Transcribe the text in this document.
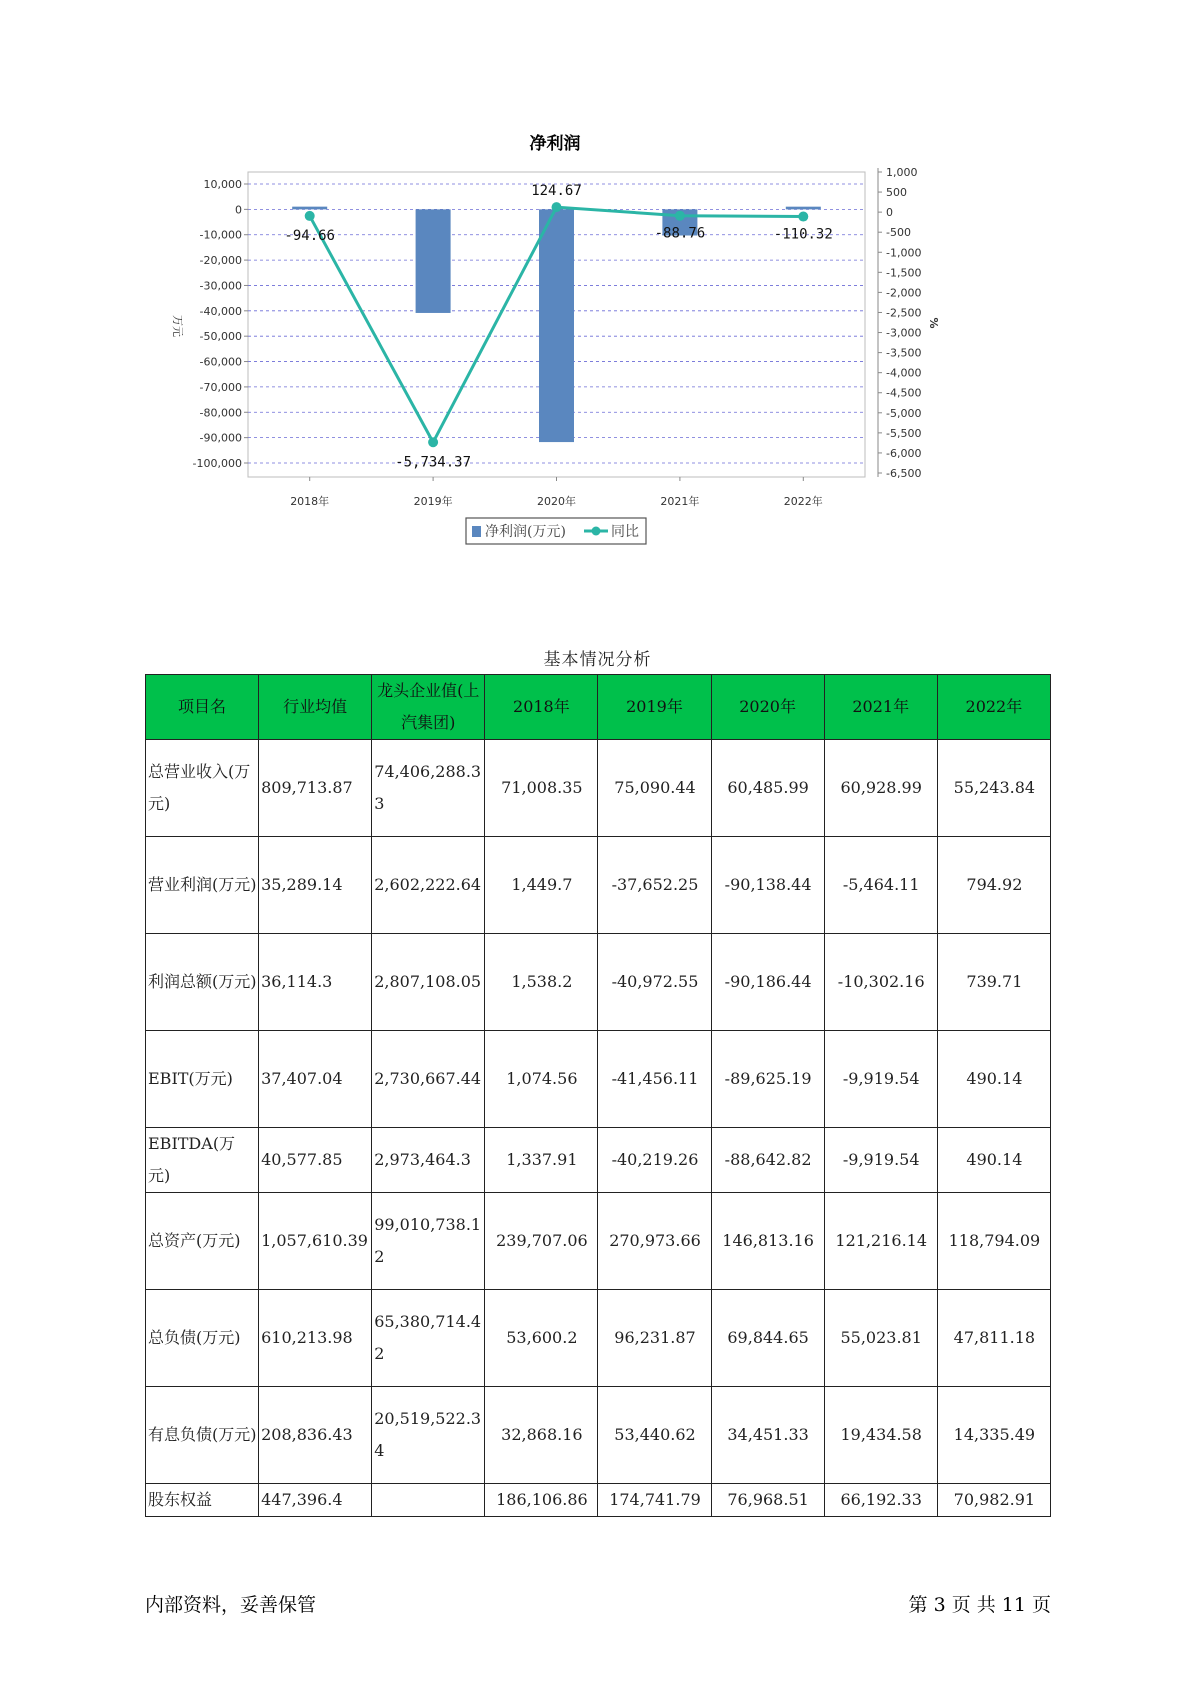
净利润
10,000
0
-10,000
-20,000
-30,000
-40,000
-50,000
-60,000
-70,000
-80,000
-90,000
-100,000
1,000
500
0
-500
-1,000
-1,500
-2,000
-2,500
-3,000
-3,500
-4,000
-4,500
-5,000
-5,500
-6,000
-6,500
万元	%
2018年	2019年	2020年	2021年	2022年
-94.66
-5,734.37
124.67
-88.76	-110.32
净利润(万元)	同比
基本情况分析
项目名	行业均值	龙头企业值(上汽集团)	2018年	2019年	2020年	2021年	2022年
总营业收入(万元)	809,713.87	74,406,288.33	71,008.35	75,090.44	60,485.99	60,928.99	55,243.84
营业利润(万元)	35,289.14	2,602,222.64	1,449.7	-37,652.25	-90,138.44	-5,464.11	794.92
利润总额(万元)	36,114.3	2,807,108.05	1,538.2	-40,972.55	-90,186.44	-10,302.16	739.71
EBIT(万元)	37,407.04	2,730,667.44	1,074.56	-41,456.11	-89,625.19	-9,919.54	490.14
EBITDA(万元)	40,577.85	2,973,464.3	1,337.91	-40,219.26	-88,642.82	-9,919.54	490.14
总资产(万元)	1,057,610.39	99,010,738.12	239,707.06	270,973.66	146,813.16	121,216.14	118,794.09
总负债(万元)	610,213.98	65,380,714.42	53,600.2	96,231.87	69,844.65	55,023.81	47,811.18
有息负债(万元)	208,836.43	20,519,522.34	32,868.16	53,440.62	34,451.33	19,434.58	14,335.49
股东权益	447,396.4		186,106.86	174,741.79	76,968.51	66,192.33	70,982.91
内部资料，妥善保管	第 3 页 共 11 页
